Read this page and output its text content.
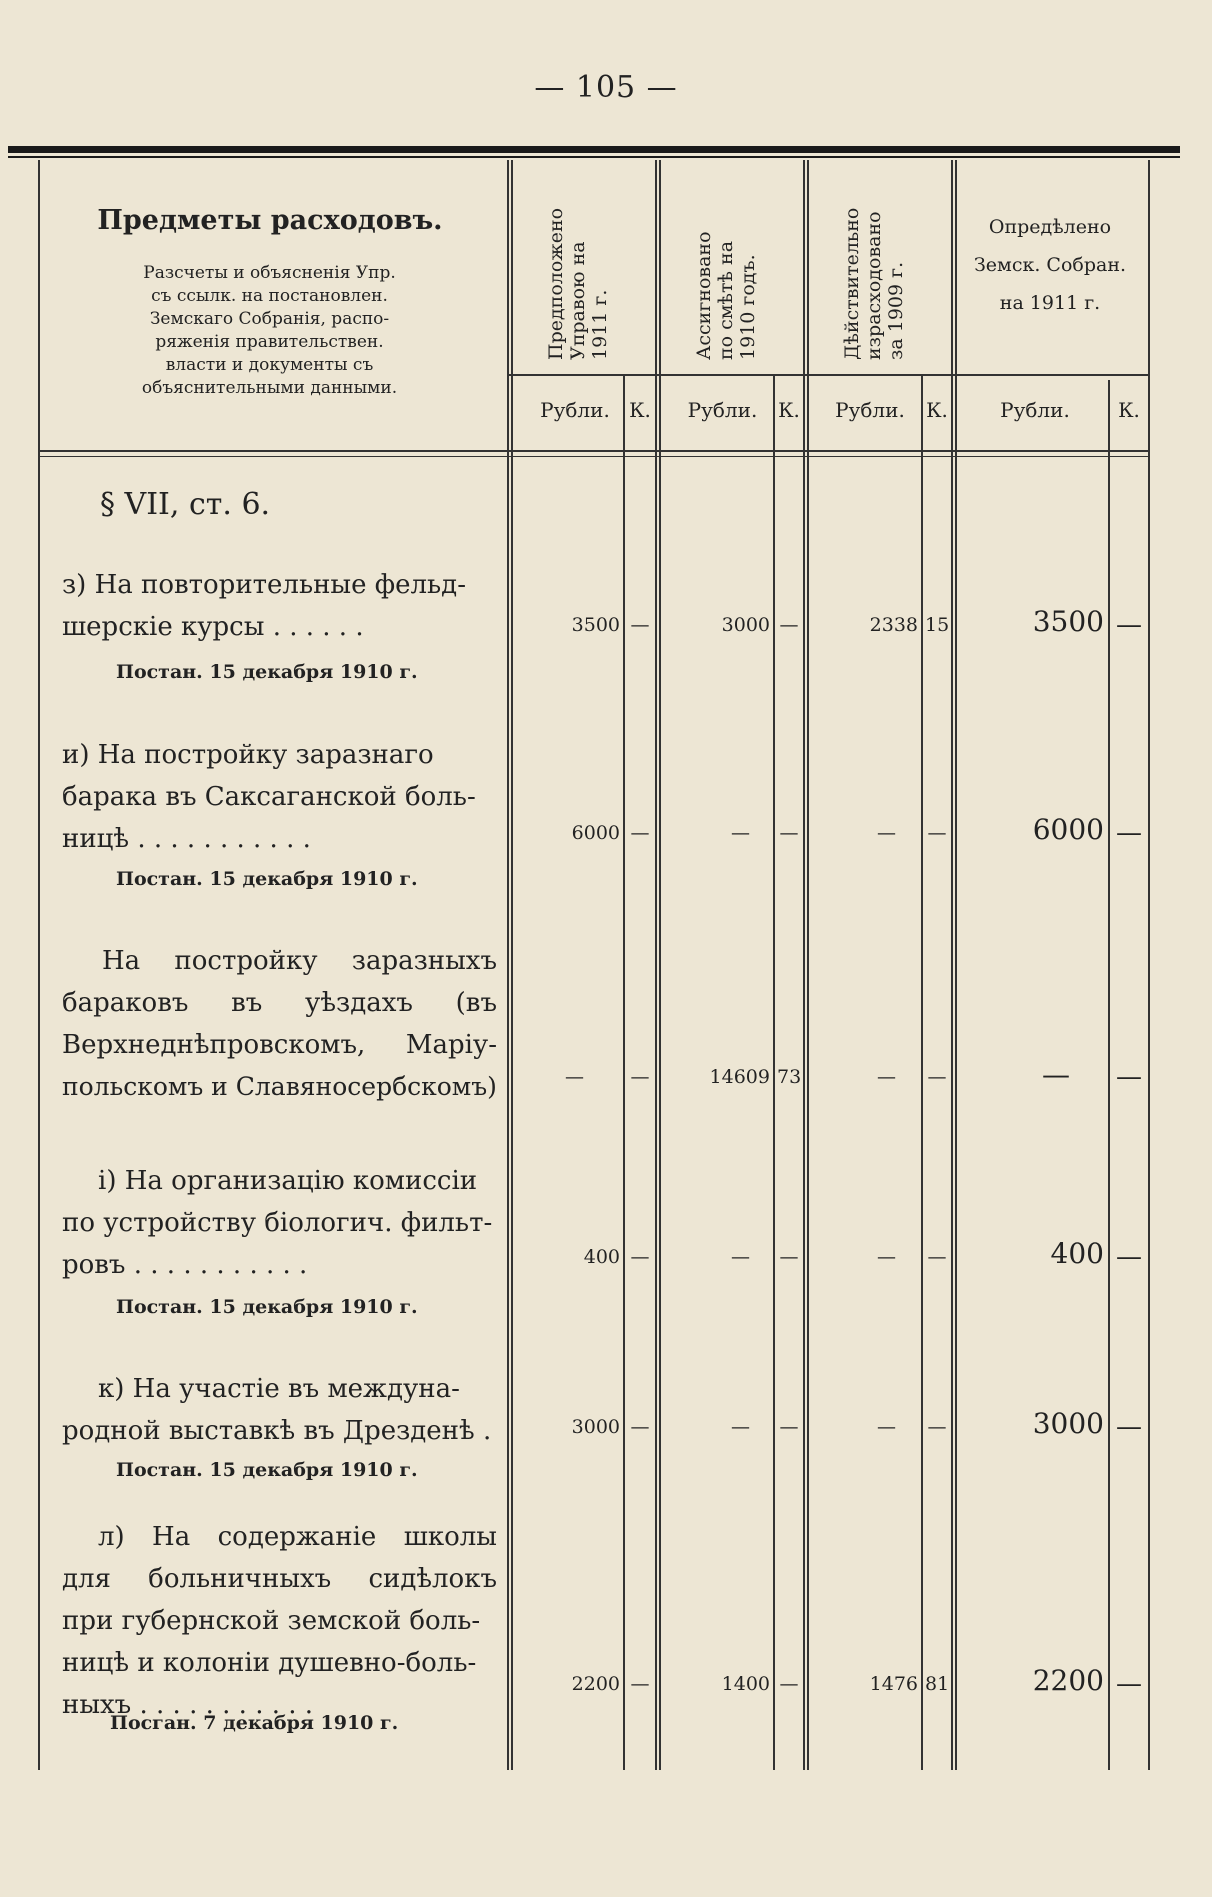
— 105 —
Предметы расходовъ.
Разсчеты и объясненія Упр.
съ ссылк. на постановлен.
Земскаго Собранія, распо-
ряженія правительствен.
власти и документы съ
объяснительными данными.
Предположено Управою на 1911 г.	Ассигновано по смѣтѣ на 1910 годъ.	Дѣйствительно израсходовано за 1909 г.
Опредѣлено
Земск. Собран.
на 1911 г.
Рубли. К.	Рубли.	К.	Рубли.	К.	Рубли.	К.
§ VII, ст. 6.
з) На повторительные фельд-
шерскіе курсы . . . . . .
Постан. 15 декабря 1910 г.
3500 —	3000 —	2338 15	3500 —
и) На постройку заразнаго
барака въ Саксаганской боль-
ницѣ . . . . . . . . . . .
Постан. 15 декабря 1910 г.
6000 —	— —	— —	6000 —
На постройку заразныхъ
бараковъ въ уѣздахъ (въ
Верхнеднѣпровскомъ, Маріу-
польскомъ и Славяносербскомъ)	— —	14609 73	— —	— —
і) На организацію комиссіи
по устройству біологич. фильт-
ровъ . . . . . . . . . . .
Постан. 15 декабря 1910 г.
400 —	— —	— —	400 —
к) На участіе въ междуна-
родной выставкѣ въ Дрезденѣ .
Постан. 15 декабря 1910 г.
3000 —	— —	— —	3000 —
л) На содержаніе школы
для больничныхъ сидѣлокъ
при губернской земской боль-
ницѣ и колоніи душевно-боль-
ныхъ . . . . . . . . . . .
Посган. 7 декабря 1910 г.
2200 —	1400 —	1476 81	2200 —
